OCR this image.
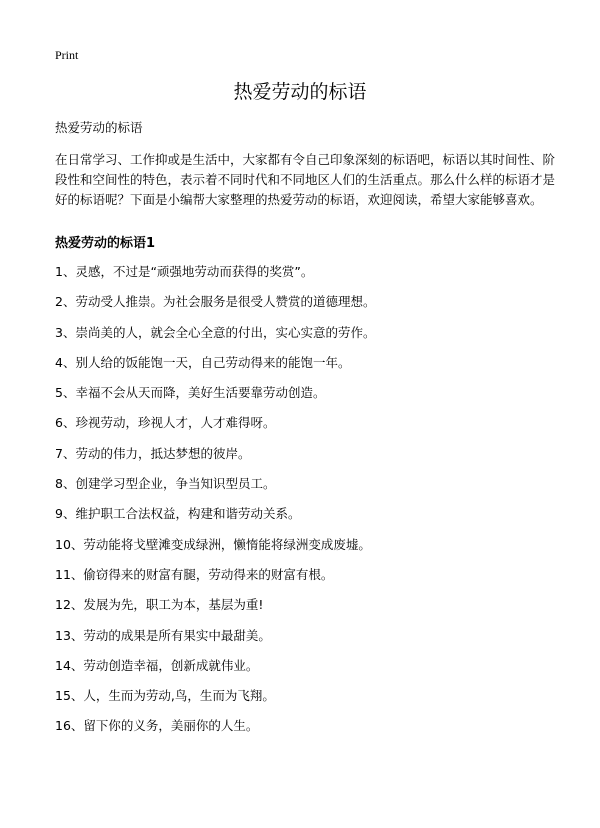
Print
热爱劳动的标语
热爱劳动的标语

在日常学习、工作抑或是生活中，大家都有令自己印象深刻的标语吧，标语以其时间性、阶段性和空间性的特色，表示着不同时代和不同地区人们的生活重点。那么什么样的标语才是好的标语呢？下面是小编帮大家整理的热爱劳动的标语，欢迎阅读，希望大家能够喜欢。

热爱劳动的标语1
1、灵感，不过是“顽强地劳动而获得的奖赏”。
2、劳动受人推崇。为社会服务是很受人赞赏的道德理想。
3、崇尚美的人，就会全心全意的付出，实心实意的劳作。
4、别人给的饭能饱一天，自己劳动得来的能饱一年。
5、幸福不会从天而降，美好生活要靠劳动创造。
6、珍视劳动，珍视人才，人才难得呀。
7、劳动的伟力，抵达梦想的彼岸。
8、创建学习型企业，争当知识型员工。
9、维护职工合法权益，构建和谐劳动关系。
10、劳动能将戈壁滩变成绿洲，懒惰能将绿洲变成废墟。
11、偷窃得来的财富有腿，劳动得来的财富有根。
12、发展为先，职工为本，基层为重!
13、劳动的成果是所有果实中最甜美。
14、劳动创造幸福，创新成就伟业。
15、人，生而为劳动,鸟，生而为飞翔。
16、留下你的义务，美丽你的人生。
